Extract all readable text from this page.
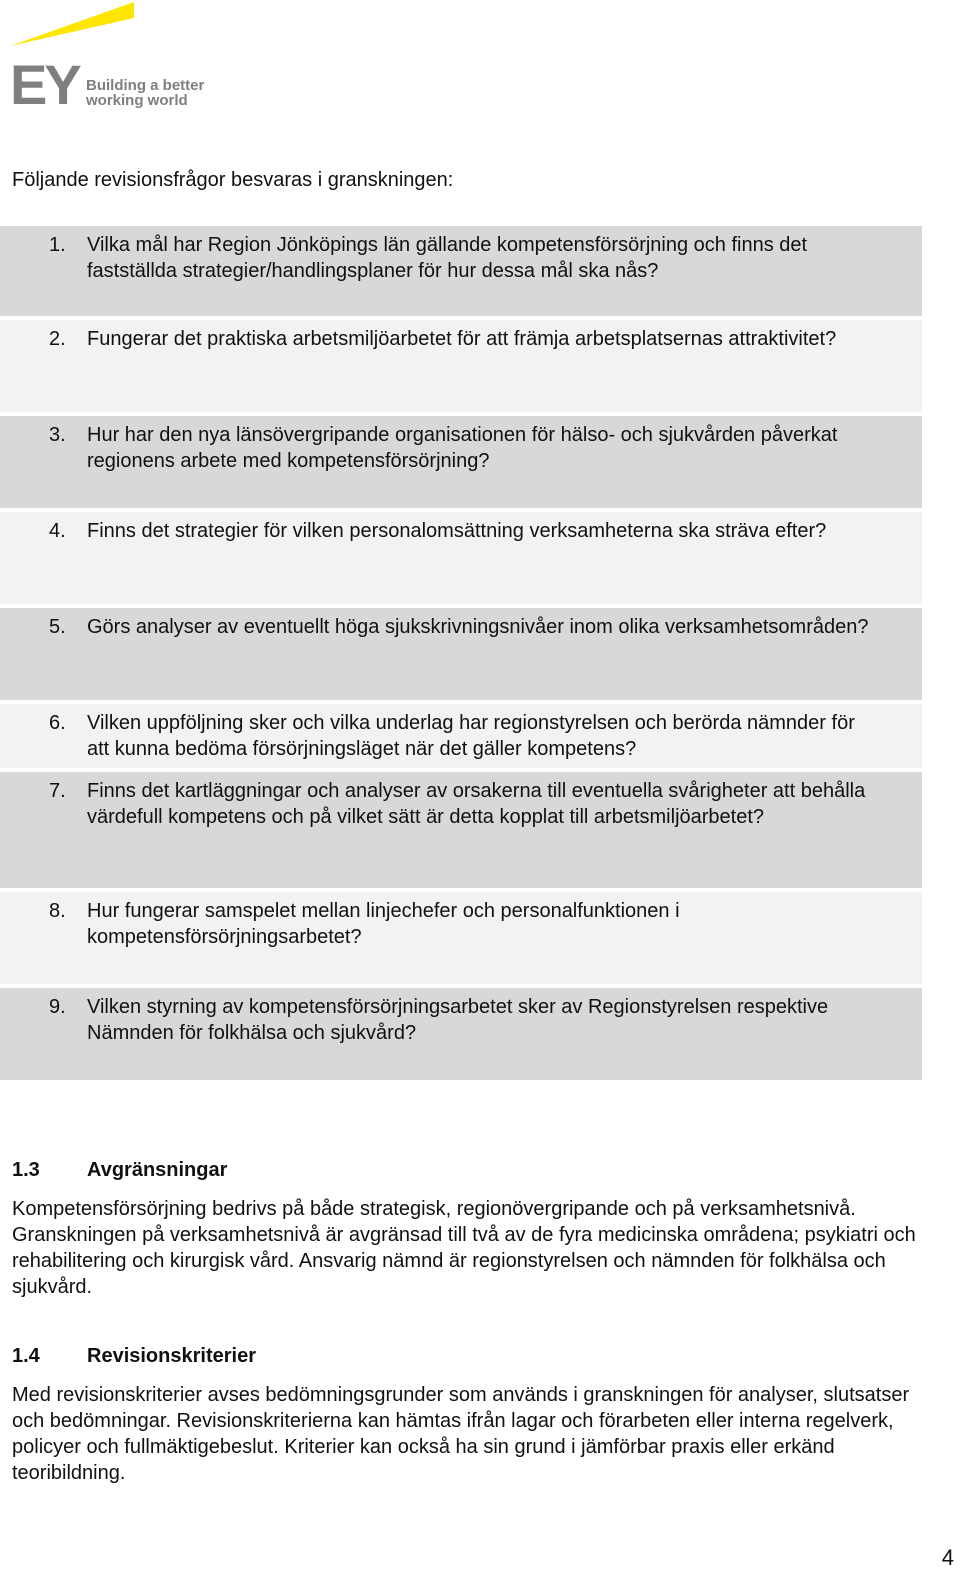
EY Building a better
working world

Följande revisionsfrågor besvaras i granskningen:

1. Vilka mål har Region Jönköpings län gällande kompetensförsörjning och finns det fastställda strategier/handlingsplaner för hur dessa mål ska nås?
2. Fungerar det praktiska arbetsmiljöarbetet för att främja arbetsplatsernas attraktivitet?
3. Hur har den nya länsövergripande organisationen för hälso- och sjukvården påverkat regionens arbete med kompetensförsörjning?
4. Finns det strategier för vilken personalomsättning verksamheterna ska sträva efter?
5. Görs analyser av eventuellt höga sjukskrivningsnivåer inom olika verksamhetsområden?
6. Vilken uppföljning sker och vilka underlag har regionstyrelsen och berörda nämnder för att kunna bedöma försörjningsläget när det gäller kompetens?
7. Finns det kartläggningar och analyser av orsakerna till eventuella svårigheter att behålla värdefull kompetens och på vilket sätt är detta kopplat till arbetsmiljöarbetet?
8. Hur fungerar samspelet mellan linjechefer och personalfunktionen i kompetensförsörjningsarbetet?
9. Vilken styrning av kompetensförsörjningsarbetet sker av Regionstyrelsen respektive Nämnden för folkhälsa och sjukvård?
1.3 Avgränsningar

Kompetensförsörjning bedrivs på både strategisk, regionövergripande och på verksamhetsnivå. Granskningen på verksamhetsnivå är avgränsad till två av de fyra medicinska områdena; psykiatri och rehabilitering och kirurgisk vård. Ansvarig nämnd är regionstyrelsen och nämnden för folkhälsa och sjukvård.

1.4 Revisionskriterier

Med revisionskriterier avses bedömningsgrunder som används i granskningen för analyser, slutsatser och bedömningar. Revisionskriterierna kan hämtas ifrån lagar och förarbeten eller interna regelverk, policyer och fullmäktigebeslut. Kriterier kan också ha sin grund i jämförbar praxis eller erkänd teoribildning.

4
